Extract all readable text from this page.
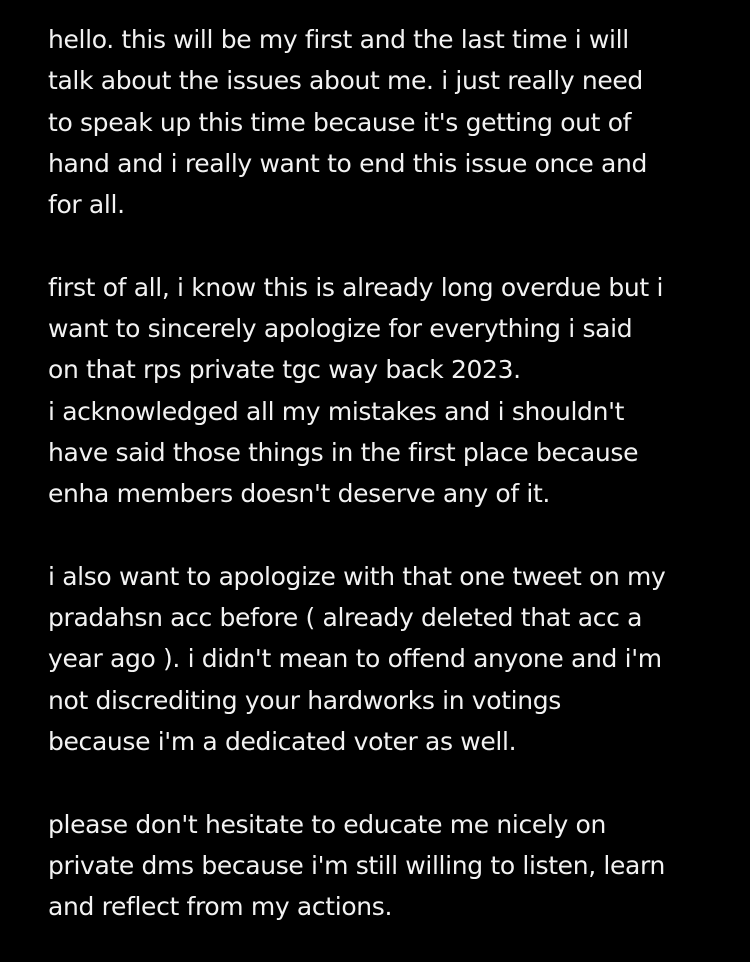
hello. this will be my first and the last time i will
talk about the issues about me. i just really need
to speak up this time because it's getting out of
hand and i really want to end this issue once and
for all.
first of all, i know this is already long overdue but i
want to sincerely apologize for everything i said
on that rps private tgc way back 2023.
i acknowledged all my mistakes and i shouldn't
have said those things in the first place because
enha members doesn't deserve any of it.
i also want to apologize with that one tweet on my
pradahsn acc before ( already deleted that acc a
year ago ). i didn't mean to offend anyone and i'm
not discrediting your hardworks in votings
because i'm a dedicated voter as well.
please don't hesitate to educate me nicely on
private dms because i'm still willing to listen, learn
and reflect from my actions.
